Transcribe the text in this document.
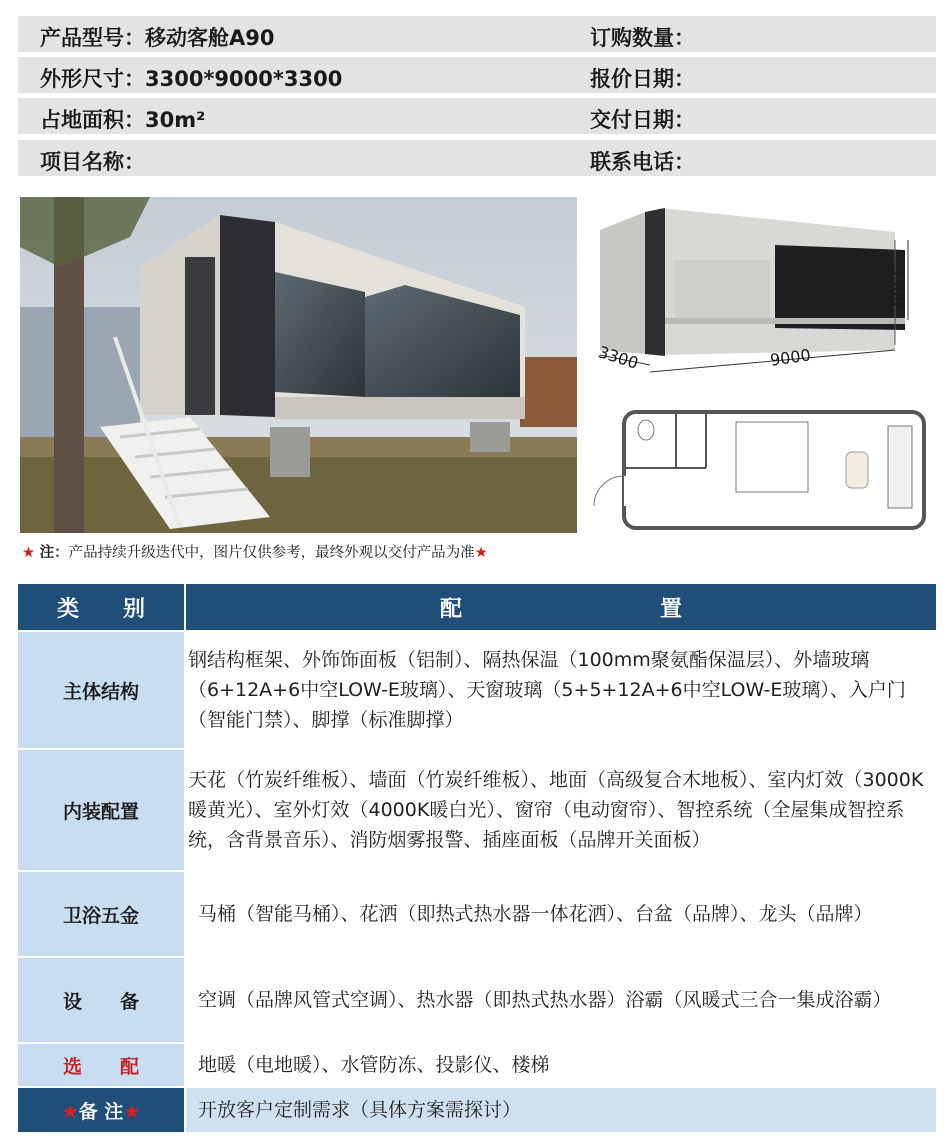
产品型号：移动客舱A90	订购数量：
外形尺寸：3300*9000*3300	报价日期：
占地面积：30m²	交付日期：
项目名称：	联系电话：
3300
3300	9000
★ 注：产品持续升级迭代中，图片仅供参考，最终外观以交付产品为准★
类　　别	配　　　　　　　　　置
主体结构	钢结构框架、外饰饰面板（铝制）、隔热保温（100mm聚氨酯保温层）、外墙玻璃（6+12A+6中空LOW-E玻璃）、天窗玻璃（5+5+12A+6中空LOW-E玻璃）、入户门（智能门禁）、脚撑（标准脚撑）
内装配置	天花（竹炭纤维板）、墙面（竹炭纤维板）、地面（高级复合木地板）、室内灯效（3000K暖黄光）、室外灯效（4000K暖白光）、窗帘（电动窗帘）、智控系统（全屋集成智控系统，含背景音乐）、消防烟雾报警、插座面板（品牌开关面板）
卫浴五金	马桶（智能马桶）、花洒（即热式热水器一体花洒）、台盆（品牌）、龙头（品牌）
设　　备	空调（品牌风管式空调）、热水器（即热式热水器）浴霸（风暖式三合一集成浴霸）
选　　配	地暖（电地暖）、水管防冻、投影仪、楼梯
★备 注★	开放客户定制需求（具体方案需探讨）
